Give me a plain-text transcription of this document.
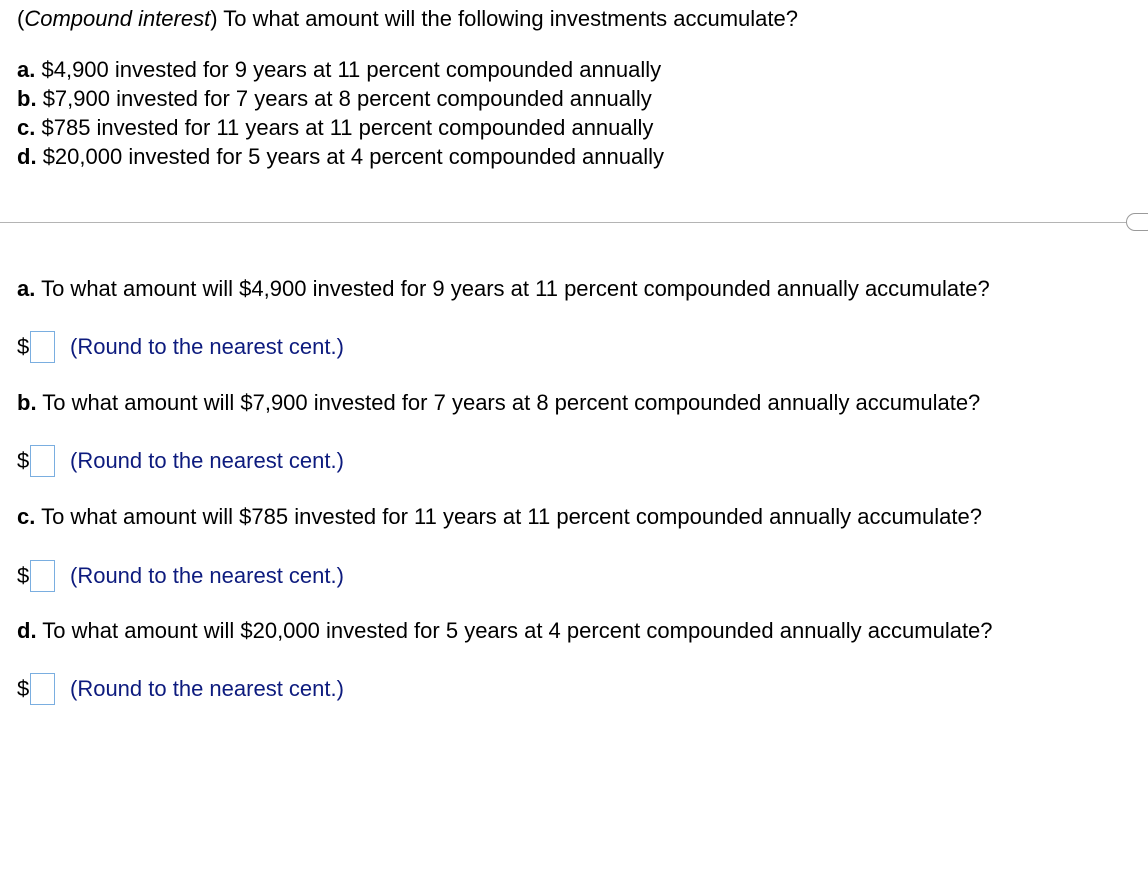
(Compound interest) To what amount will the following investments accumulate?

a. $4,900 invested for 9 years at 11 percent compounded annually
b. $7,900 invested for 7 years at 8 percent compounded annually
c. $785 invested for 11 years at 11 percent compounded annually
d. $20,000 invested for 5 years at 4 percent compounded annually

a. To what amount will $4,900 invested for 9 years at 11 percent compounded annually accumulate?

$ (Round to the nearest cent.)

b. To what amount will $7,900 invested for 7 years at 8 percent compounded annually accumulate?

$ (Round to the nearest cent.)

c. To what amount will $785 invested for 11 years at 11 percent compounded annually accumulate?

$ (Round to the nearest cent.)

d. To what amount will $20,000 invested for 5 years at 4 percent compounded annually accumulate?

$ (Round to the nearest cent.)
